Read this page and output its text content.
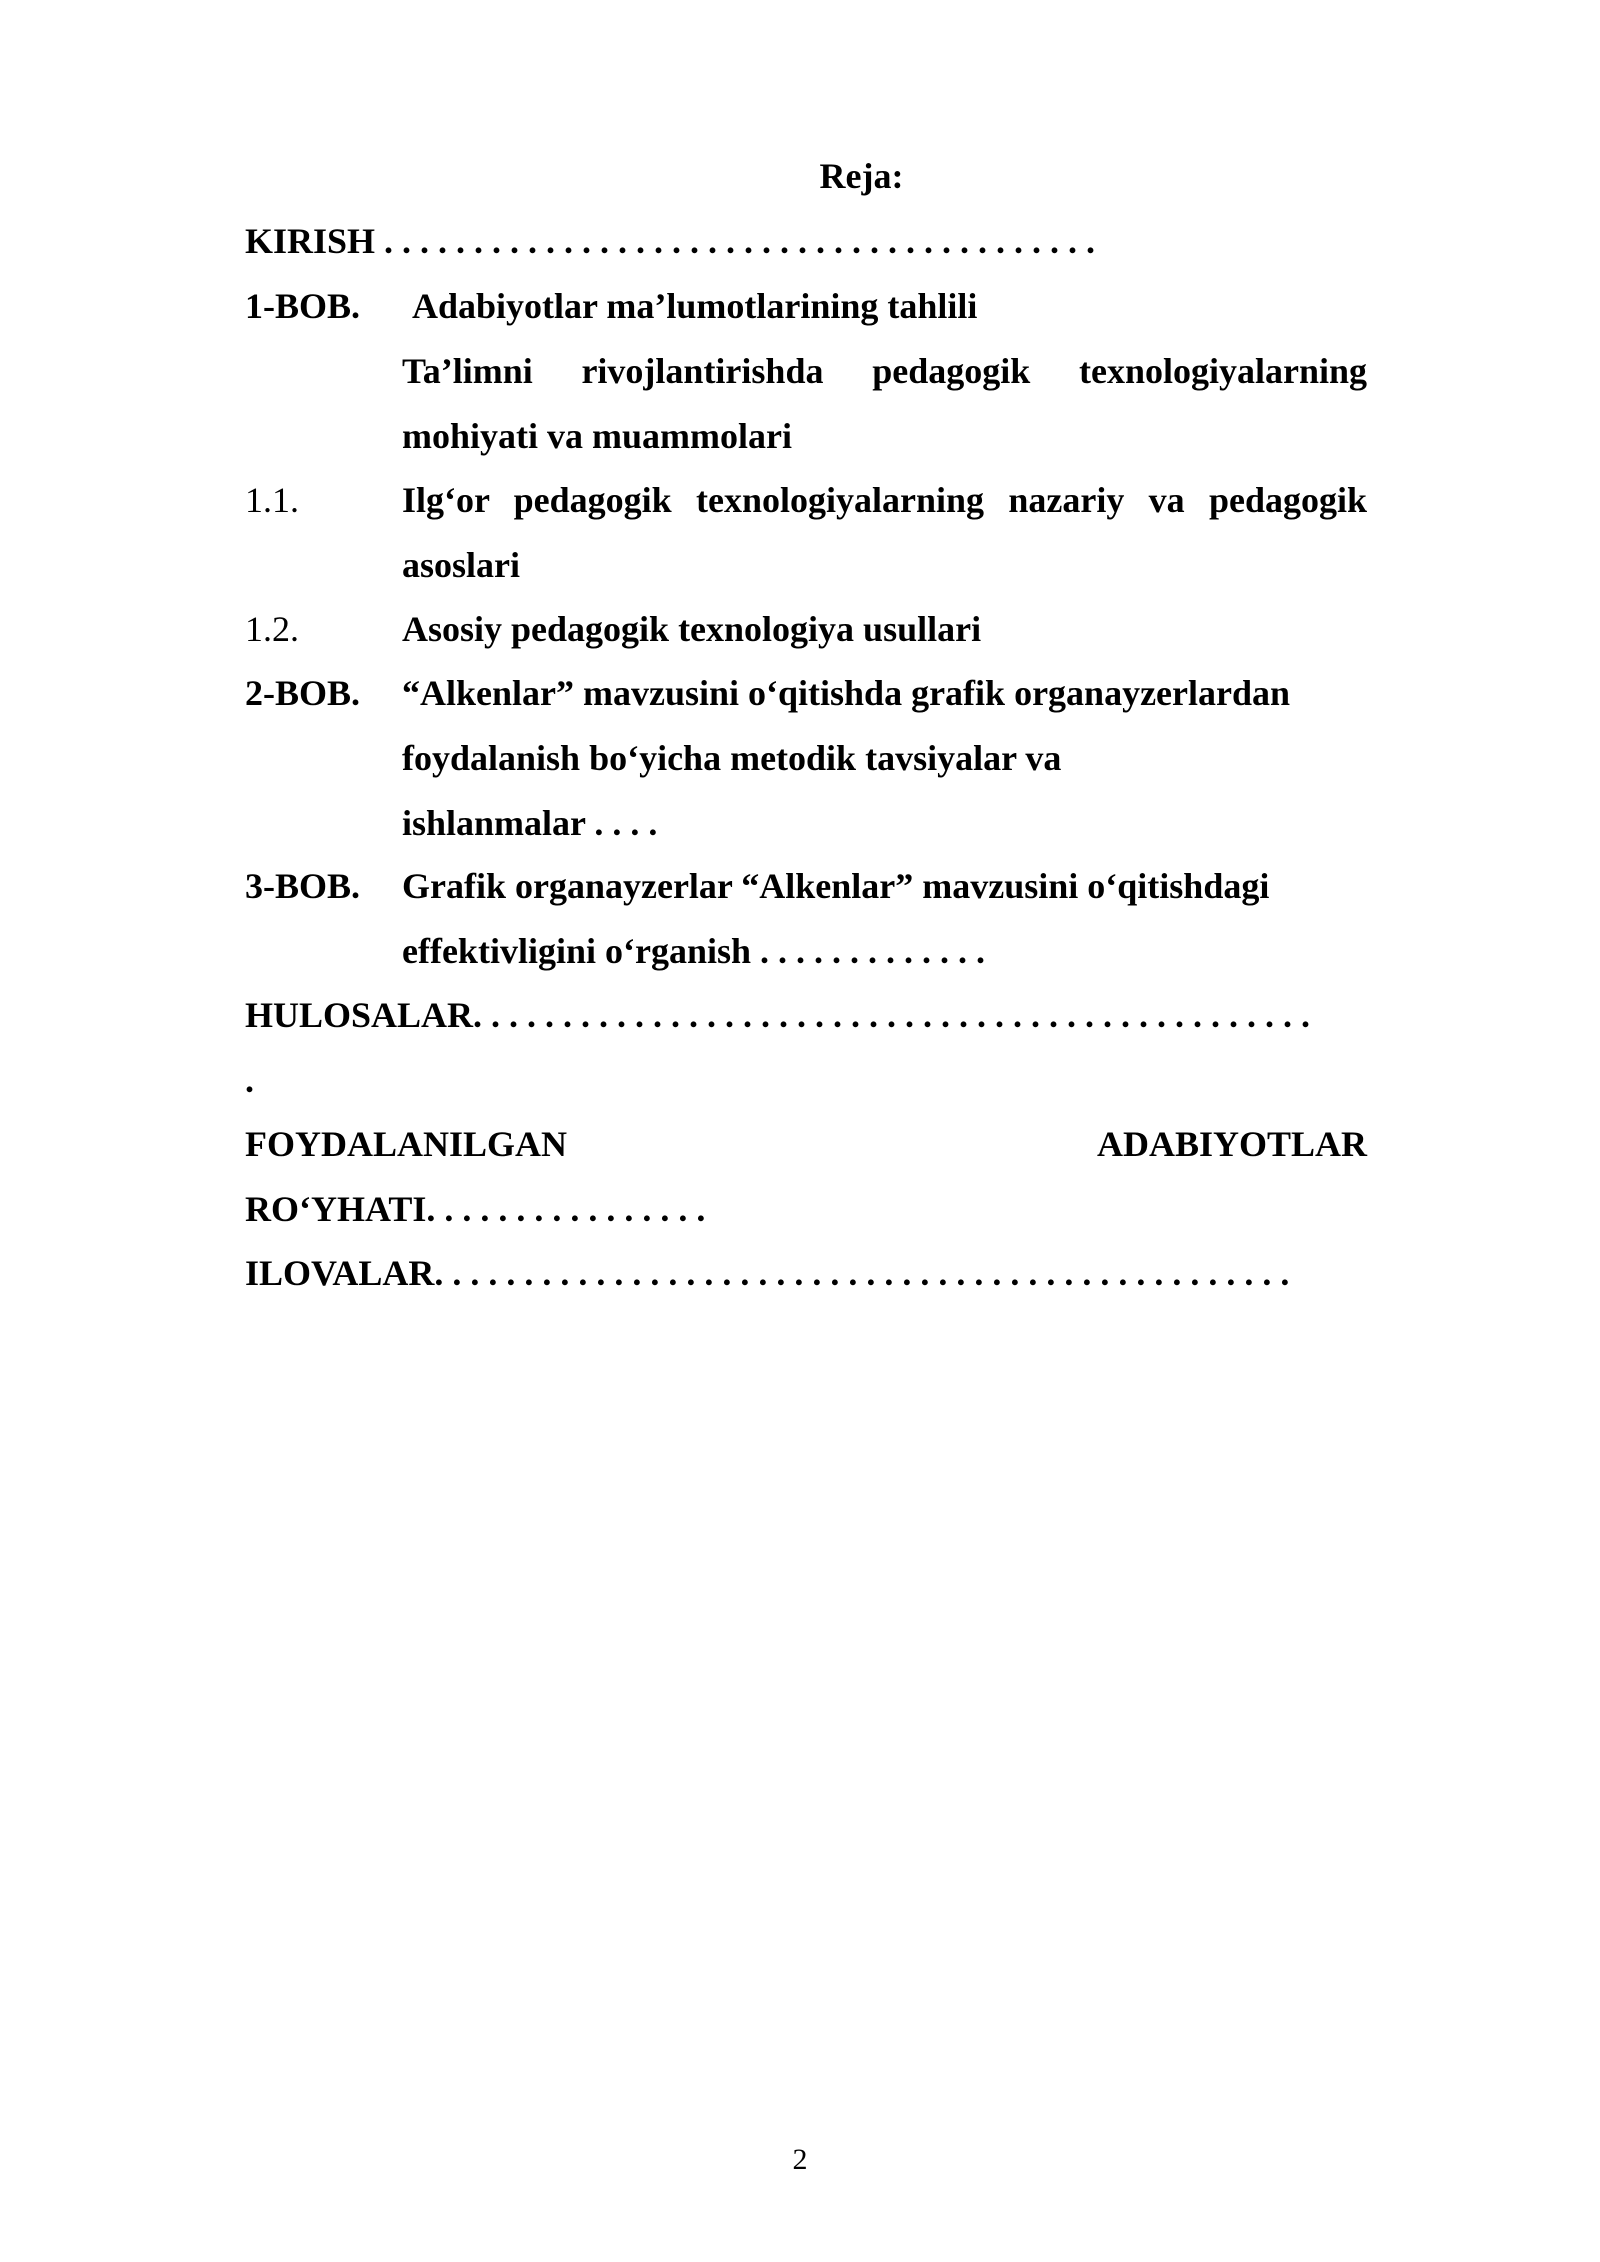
Reja:
KIRISH . . . . . . . . . . . . . . . . . . . . . . . . . . . . . . . . . . . . . . . .
1-BOB. Adabiyotlar ma’lumotlarining tahlili
Ta’limni rivojlantirishda pedagogik texnologiyalarning
mohiyati va muammolari
1.1.	Ilg‘or pedagogik texnologiyalarning nazariy va pedagogik
asoslari
1.2.	Asosiy pedagogik texnologiya usullari
2-BOB. “Alkenlar” mavzusini o‘qitishda grafik organayzerlardan
foydalanish bo‘yicha metodik tavsiyalar va
ishlanmalar . . . .
3-BOB. Grafik organayzerlar “Alkenlar” mavzusini o‘qitishdagi
effektivligini o‘rganish . . . . . . . . . . . . .
HULOSALAR. . . . . . . . . . . . . . . . . . . . . . . . . . . . . . . . . . . . . . . . . . . . . . .
.
FOYDALANILGAN	ADABIYOTLAR
RO‘YHATI. . . . . . . . . . . . . . . .
ILOVALAR. . . . . . . . . . . . . . . . . . . . . . . . . . . . . . . . . . . . . . . . . . . . . . . .
2
